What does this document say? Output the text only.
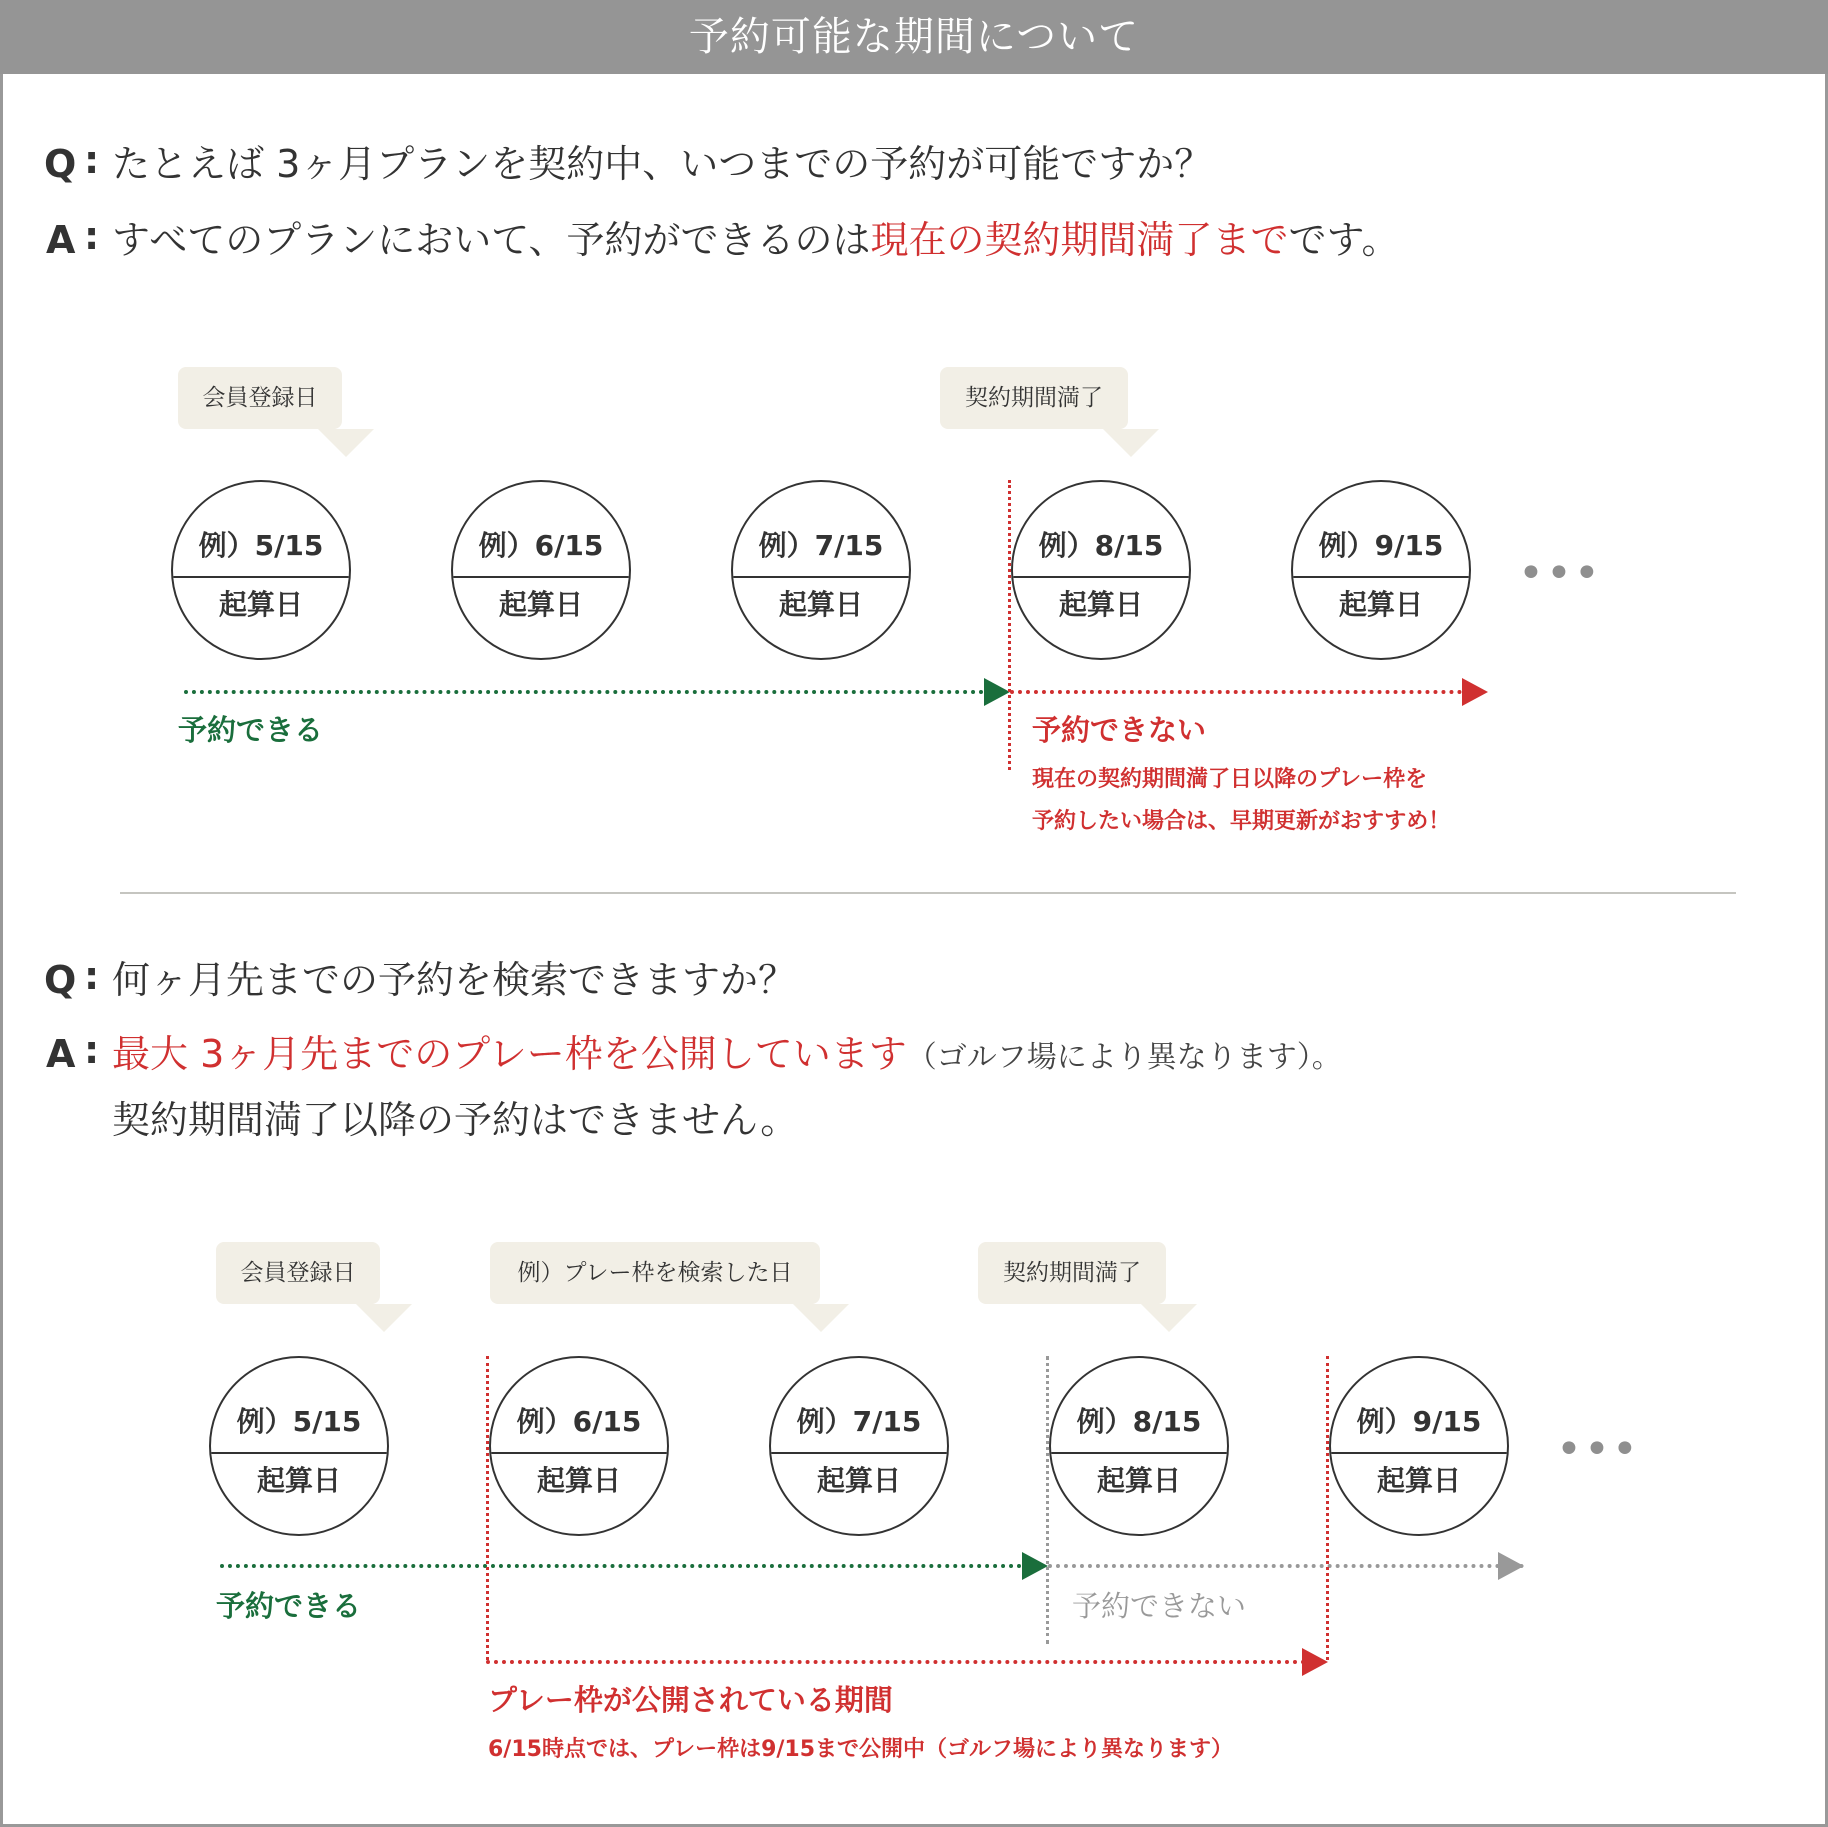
予約可能な期間について
Q : たとえば 3ヶ月プランを契約中、いつまでの予約が可能ですか？
A : すべてのプランにおいて、予約ができるのは現在の契約期間満了までです。
会員登録日	契約期間満了
例）5/15
起算日
例）6/15
起算日
例）7/15
起算日
例）8/15
起算日
例）9/15
起算日
•••
予約できる	予約できない
現在の契約期間満了日以降のプレー枠を
予約したい場合は、早期更新がおすすめ！
Q : 何ヶ月先までの予約を検索できますか？
A : 最大 3ヶ月先までのプレー枠を公開しています（ゴルフ場により異なります）。
契約期間満了以降の予約はできません。
会員登録日	例）プレー枠を検索した日	契約期間満了
例）5/15
起算日
例）6/15
起算日
例）7/15
起算日
例）8/15
起算日
例）9/15
起算日
•••
予約できる	予約できない
プレー枠が公開されている期間
6/15時点では、プレー枠は9/15まで公開中（ゴルフ場により異なります）
